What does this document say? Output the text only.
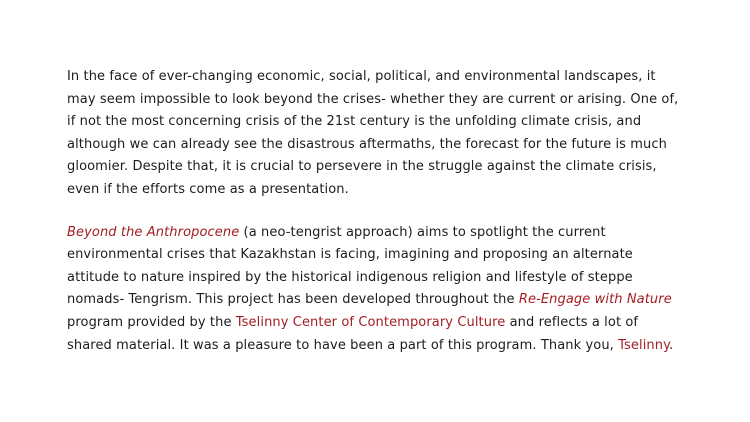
In the face of ever-changing economic, social, political, and environmental landscapes, it may seem impossible to look beyond the crises- whether they are current or arising. One of, if not the most concerning crisis of the 21st century is the unfolding climate crisis, and although we can already see the disastrous aftermaths, the forecast for the future is much gloomier. Despite that, it is crucial to persevere in the struggle against the climate crisis, even if the efforts come as a presentation.

Beyond the Anthropocene (a neo-tengrist approach) aims to spotlight the current environmental crises that Kazakhstan is facing, imagining and proposing an alternate attitude to nature inspired by the historical indigenous religion and lifestyle of steppe nomads- Tengrism. This project has been developed throughout the Re-Engage with Nature program provided by the Tselinny Center of Contemporary Culture and reflects a lot of shared material. It was a pleasure to have been a part of this program. Thank you, Tselinny.
